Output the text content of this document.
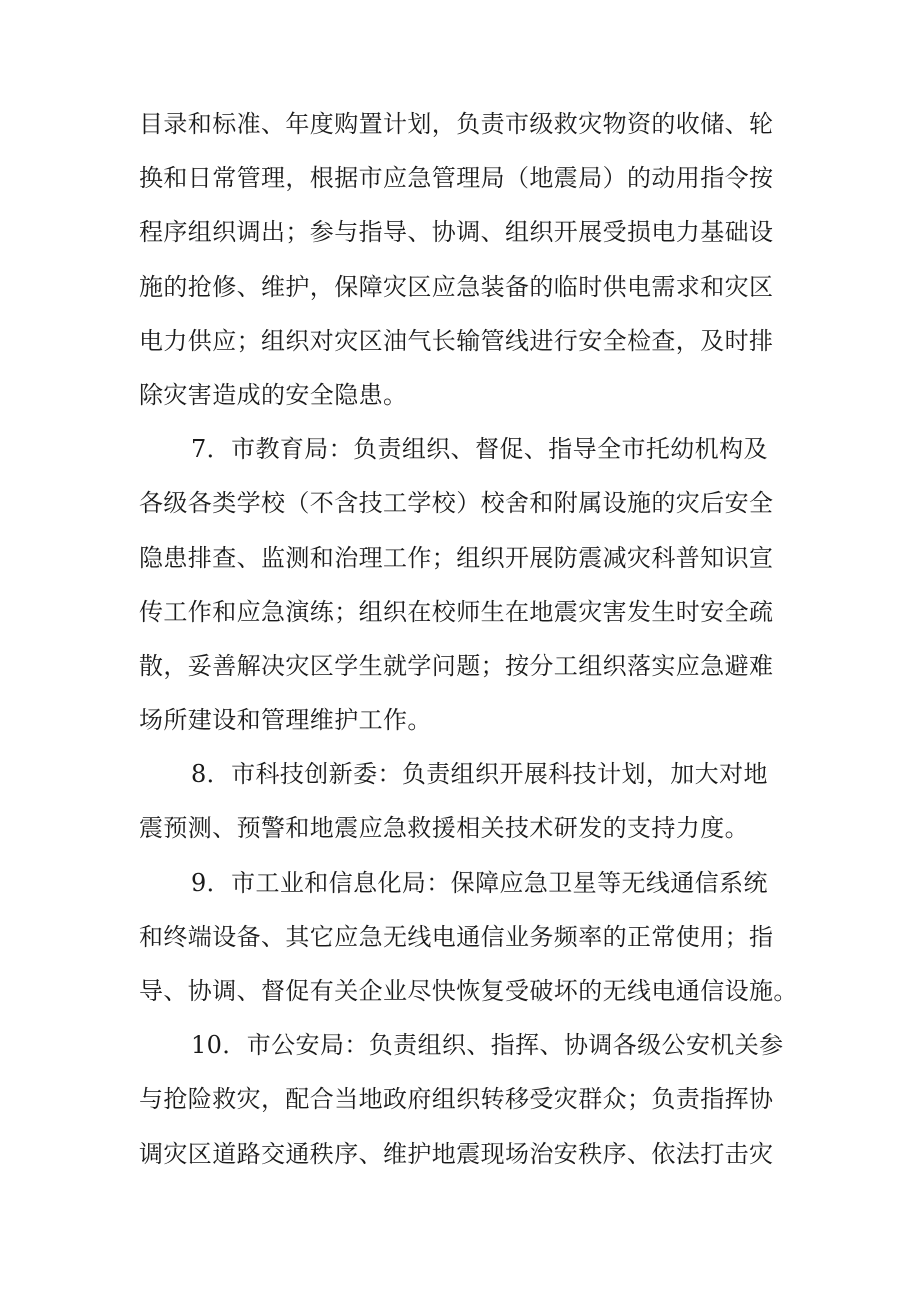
目录和标准、年度购置计划，负责市级救灾物资的收储、轮
换和日常管理，根据市应急管理局（地震局）的动用指令按
程序组织调出；参与指导、协调、组织开展受损电力基础设
施的抢修、维护，保障灾区应急装备的临时供电需求和灾区
电力供应；组织对灾区油气长输管线进行安全检查，及时排
除灾害造成的安全隐患。
7．市教育局：负责组织、督促、指导全市托幼机构及
各级各类学校（不含技工学校）校舍和附属设施的灾后安全
隐患排查、监测和治理工作；组织开展防震减灾科普知识宣
传工作和应急演练；组织在校师生在地震灾害发生时安全疏
散，妥善解决灾区学生就学问题；按分工组织落实应急避难
场所建设和管理维护工作。
8．市科技创新委：负责组织开展科技计划，加大对地
震预测、预警和地震应急救援相关技术研发的支持力度。
9．市工业和信息化局：保障应急卫星等无线通信系统
和终端设备、其它应急无线电通信业务频率的正常使用；指
导、协调、督促有关企业尽快恢复受破坏的无线电通信设施。
10．市公安局：负责组织、指挥、协调各级公安机关参
与抢险救灾，配合当地政府组织转移受灾群众；负责指挥协
调灾区道路交通秩序、维护地震现场治安秩序、依法打击灾
